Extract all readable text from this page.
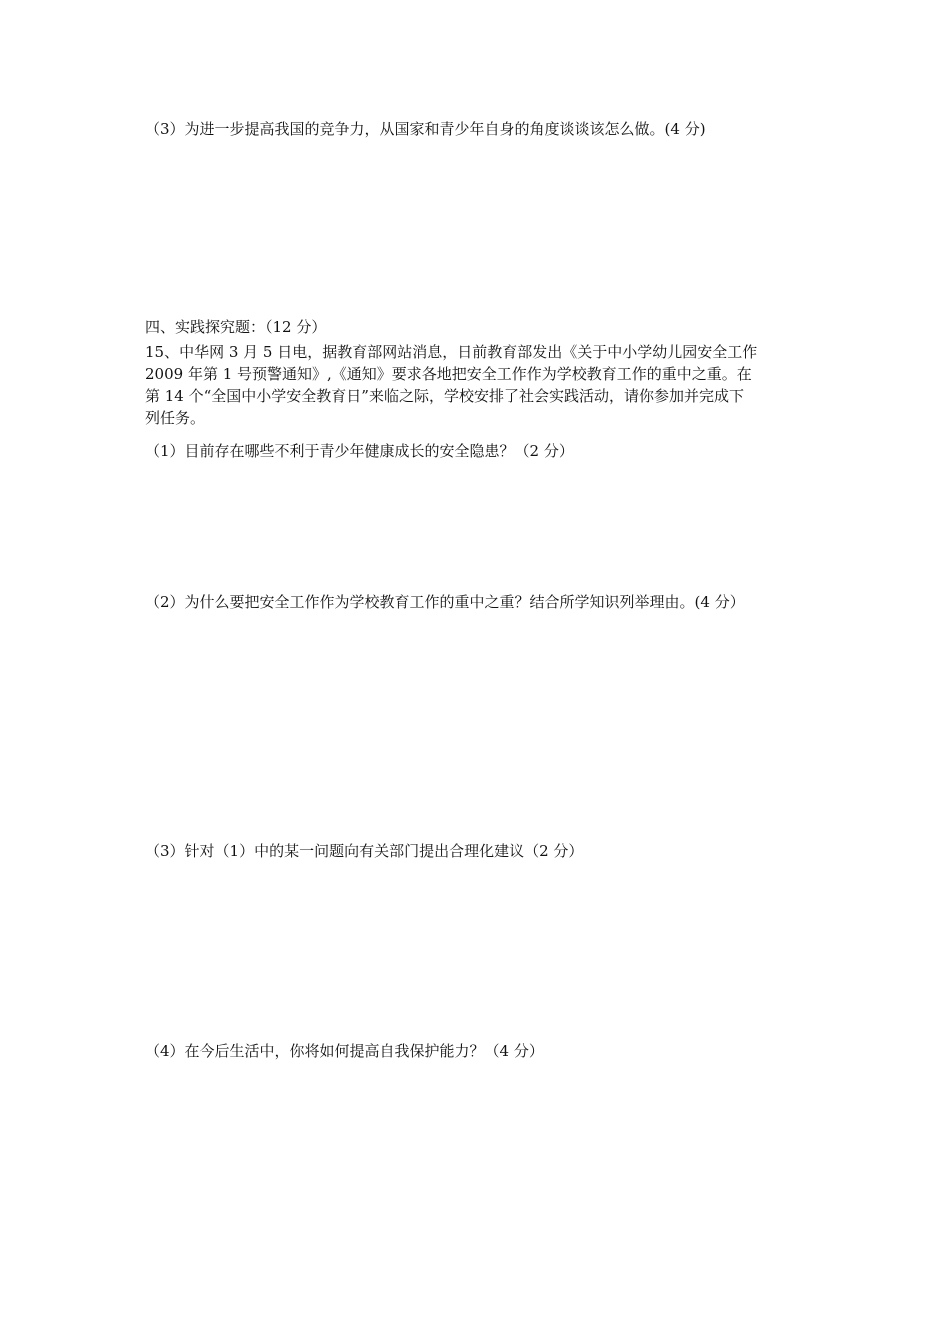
（3）为进一步提高我国的竞争力，从国家和青少年自身的角度谈谈该怎么做。(4 分)
四、实践探究题：（12 分）
15、中华网 3 月 5 日电，据教育部网站消息，日前教育部发出《关于中小学幼儿园安全工作
2009 年第 1 号预警通知》,《通知》要求各地把安全工作作为学校教育工作的重中之重。在
第 14 个“全国中小学安全教育日”来临之际，学校安排了社会实践活动，请你参加并完成下
列任务。
（1）目前存在哪些不利于青少年健康成长的安全隐患？（2 分）
（2）为什么要把安全工作作为学校教育工作的重中之重？结合所学知识列举理由。(4 分）
（3）针对（1）中的某一问题向有关部门提出合理化建议（2 分）
（4）在今后生活中，你将如何提高自我保护能力？（4 分）
